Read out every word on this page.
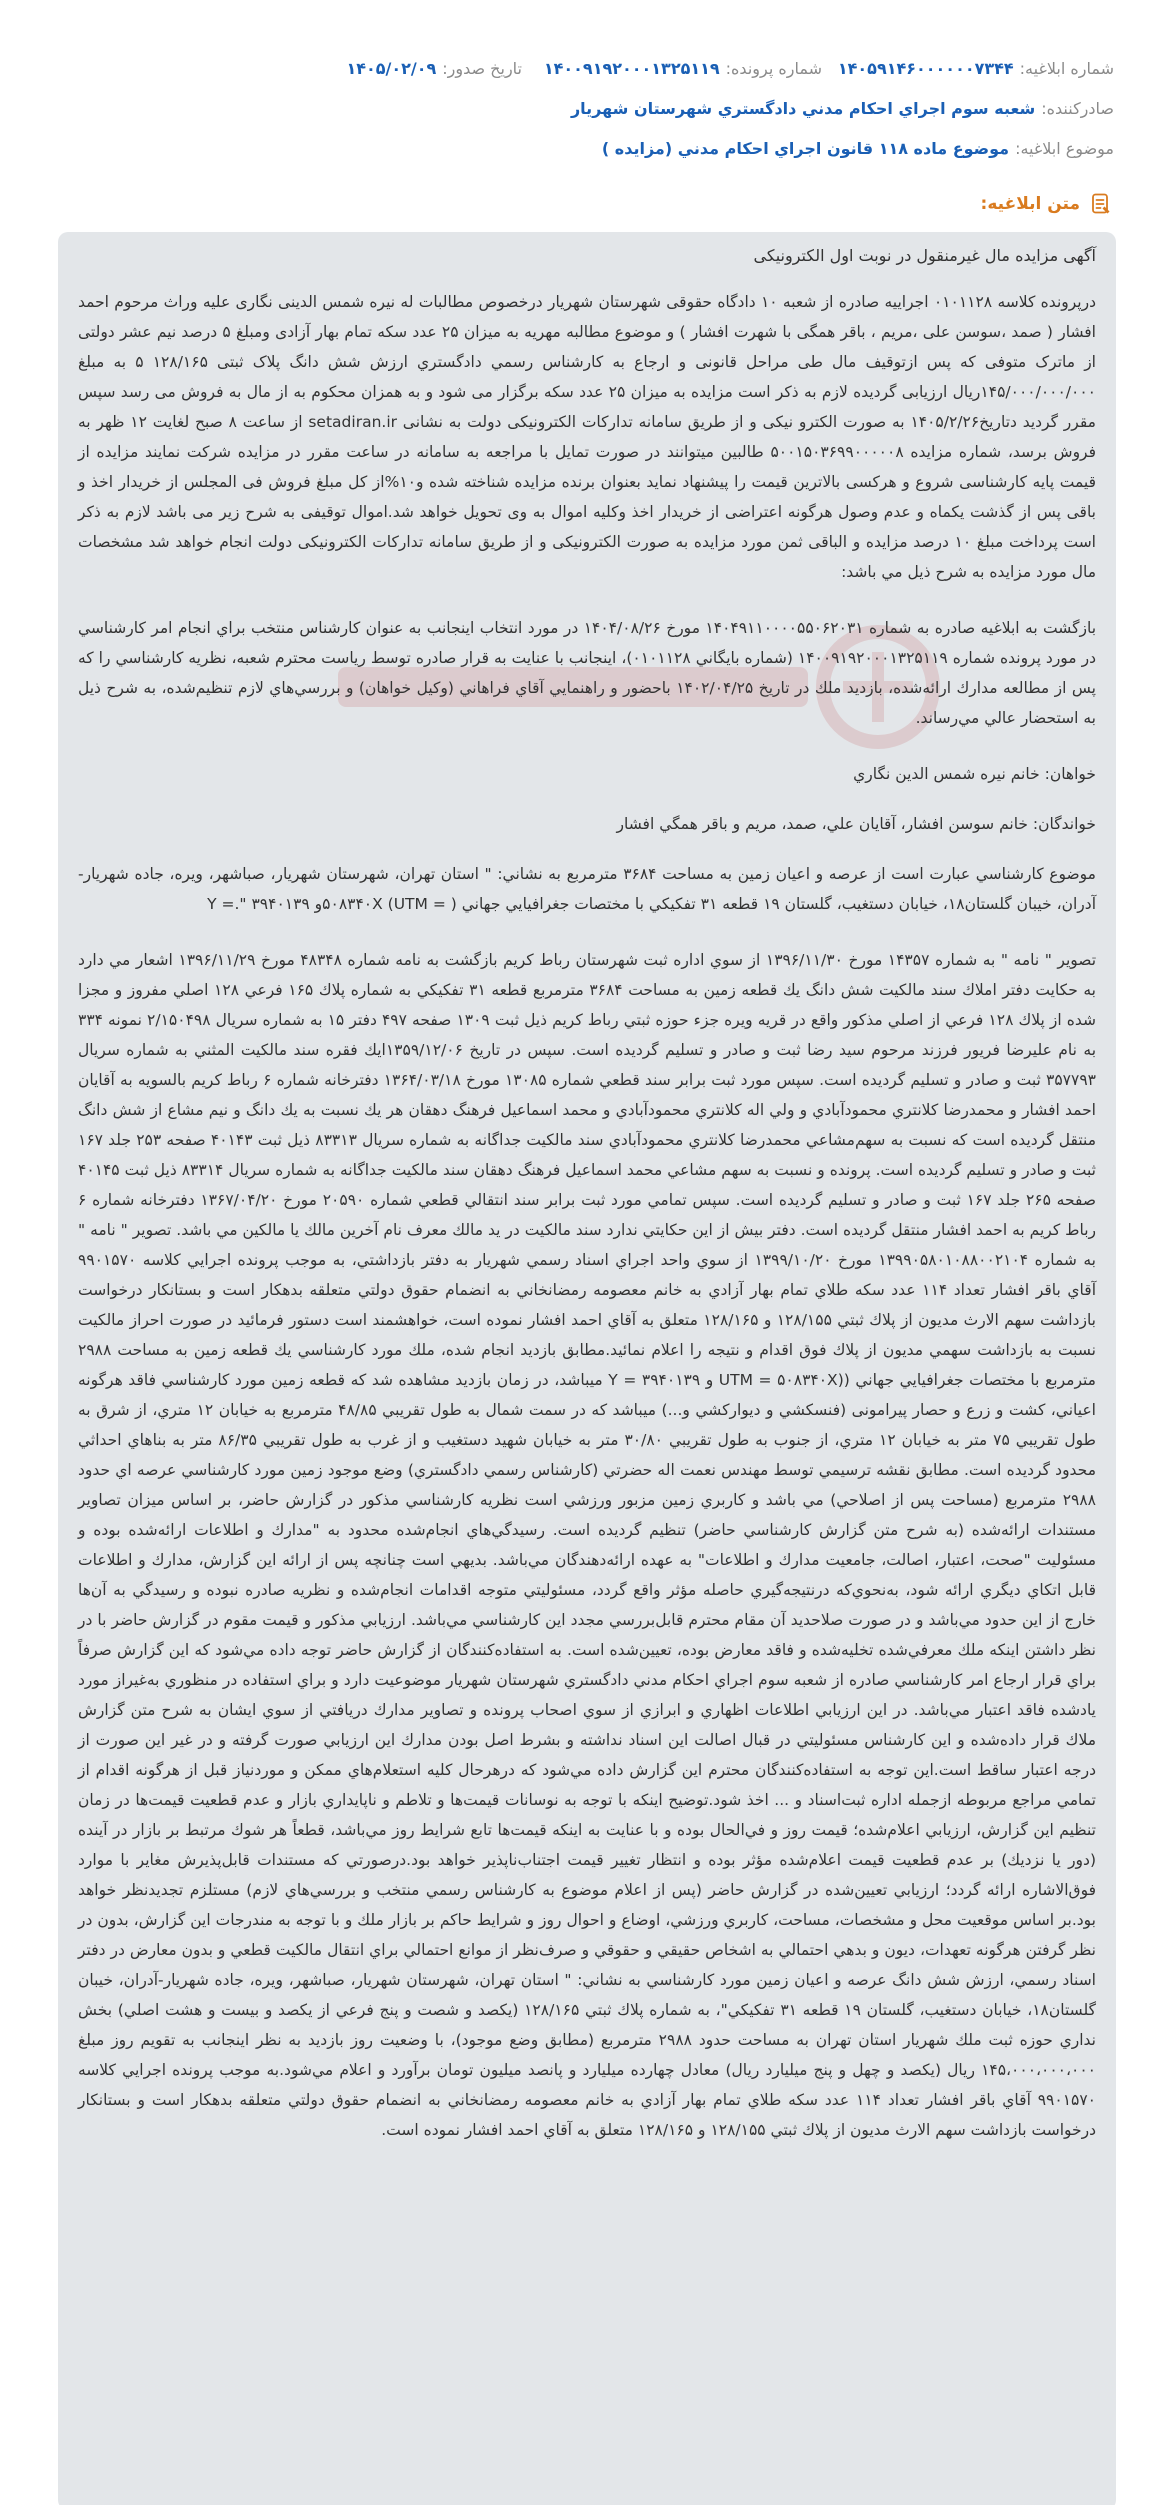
شماره ابلاغيه:
۱۴۰۵۹۱۴۶۰۰۰۰۰۰۷۳۴۴
شماره پرونده:
۱۴۰۰۹۱۹۲۰۰۰۱۳۲۵۱۱۹
تاريخ صدور:
۱۴۰۵/۰۲/۰۹
صادرکننده:
شعبه سوم اجراي احکام مدني دادگستري شهرستان شهريار
موضوع ابلاغيه:
موضوع ماده ۱۱۸ قانون اجراي احکام مدني (مزايده )
متن ابلاغيه:

آگهی مزایده مال غیرمنقول در نوبت اول الکترونیکی

درپرونده کلاسه ۰۱۰۱۱۲۸ اجراییه صادره از شعبه ۱۰ دادگاه حقوقی شهرستان شهریار درخصوص مطالبات له نیره شمس الدینی نگاری علیه وراث مرحوم احمد افشار ( صمد ،سوسن علی ،مریم ، باقر همگی با شهرت افشار ) و موضوع مطالبه مهریه به میزان ۲۵ عدد سکه تمام بهار آزادی ومبلغ ۵ درصد نیم عشر دولتی از ماترک متوفی که پس ازتوقیف مال طی مراحل قانونی و ارجاع به کارشناس رسمي دادگستري ارزش شش دانگ پلاک ثبتی ۱۲۸/۱۶۵ ۵ به مبلغ ۱۴۵/۰۰۰/۰۰۰/۰۰۰ریال ارزیابی گردیده لازم به ذکر است مزایده به میزان ۲۵ عدد سکه برگزار می شود و به همزان محکوم به از مال به فروش می رسد سپس مقرر گردید دتاریخ۱۴۰۵/۲/۲۶ به صورت الکترو نیکی و از طریق سامانه تدارکات الکترونیکی دولت به نشانی setadiran.ir از ساعت ۸ صبح لغایت ۱۲ ظهر به فروش برسد، شماره مزایده ۵۰۰۱۵۰۳۶۹۹۰۰۰۰۰۸ طالبین میتوانند در صورت تمایل با مراجعه به سامانه در ساعت مقرر در مزایده شرکت نمایند مزایده از قیمت پایه کارشناسی شروع و هرکسی بالاترین قیمت را پیشنهاد نماید بعنوان برنده مزایده شناخته شده و۱۰%از کل مبلغ فروش فی المجلس از خریدار اخذ و باقی پس از گذشت یکماه و عدم وصول هرگونه اعتراضی از خریدار اخذ وکلیه اموال به وی تحویل خواهد شد.اموال توقیفی به شرح زیر می باشد لازم به ذکر است پرداخت مبلغ ۱۰ درصد مزایده و الباقی ثمن مورد مزایده به صورت الکترونیکی و از طریق سامانه تدارکات الکترونیکی دولت انجام خواهد شد مشخصات مال مورد مزايده به شرح ذيل مي باشد:

بازگشت به ابلاغيه صادره به شماره ۱۴۰۴۹۱۱۰۰۰۰۵۵۰۶۲۰۳۱ مورخ ۱۴۰۴/۰۸/۲۶ در مورد انتخاب اينجانب به عنوان كارشناس منتخب براي انجام امر كارشناسي در مورد پرونده شماره ۱۴۰۰۹۱۹۲۰۰۰۱۳۲۵۱۱۹ (شماره بايگاني ۰۱۰۱۱۲۸)، اينجانب با عنايت به قرار صادره توسط رياست محترم شعبه، نظريه كارشناسي را كه پس از مطالعه مدارك ارائه‌شده، بازديد ملك در تاريخ ۱۴۰۲/۰۴/۲۵ باحضور و راهنمايي آقاي فراهاني (وكيل خواهان) و بررسي‌هاي لازم تنظيم‌شده، به شرح ذيل به استحضار عالي مي‌رساند.

خواهان: خانم نيره شمس الدين نگاري

خواندگان: خانم سوسن افشار، آقايان علي، صمد، مريم و باقر همگي افشار

موضوع كارشناسي عبارت است از عرصه و اعيان زمين به مساحت ۳۶۸۴ مترمربع به نشاني: " استان تهران، شهرستان شهريار، صباشهر، ويره، جاده شهريار-آدران، خيبان گلستان۱۸، خيابان دستغيب، گلستان ۱۹ قطعه ۳۱ تفكيكي با مختصات جغرافيايي جهاني ( = ۵۰۸۳۴۰X (UTMو ۳۹۴۰۱۳۹ ".= Y

تصوير " نامه " به شماره ۱۴۳۵۷ مورخ ۱۳۹۶/۱۱/۳۰ از سوي اداره ثبت شهرستان رباط كريم بازگشت به نامه شماره ۴۸۳۴۸ مورخ ۱۳۹۶/۱۱/۲۹ اشعار مي دارد به حكايت دفتر املاك سند مالكيت شش دانگ يك قطعه زمين به مساحت ۳۶۸۴ مترمربع قطعه ۳۱ تفكيكي به شماره پلاك ۱۶۵ فرعي ۱۲۸ اصلي مفروز و مجزا شده از پلاك ۱۲۸ فرعي از اصلي مذكور واقع در قريه ويره جزء حوزه ثبتي رباط كريم ذيل ثبت ۱۳۰۹ صفحه ۴۹۷ دفتر ۱۵ به شماره سريال ۲/۱۵۰۴۹۸ نمونه ۳۳۴ به نام عليرضا فريور فرزند مرحوم سيد رضا ثبت و صادر و تسليم گرديده است. سپس در تاريخ ۱۳۵۹/۱۲/۰۶ايك فقره سند مالكيت المثني به شماره سريال ۳۵۷۷۹۳ ثبت و صادر و تسليم گرديده است. سپس مورد ثبت برابر سند قطعي شماره ۱۳۰۸۵ مورخ ۱۳۶۴/۰۳/۱۸ دفترخانه شماره ۶ رباط كريم بالسويه به آقايان احمد افشار و محمدرضا كلانتري محمودآبادي و ولي اله كلانتري محمودآبادي و محمد اسماعيل فرهنگ دهقان هر يك نسبت به يك دانگ و نيم مشاع از شش دانگ منتقل گرديده است كه نسبت به سهم‌مشاعي محمدرضا كلانتري محمودآبادي سند مالكيت جداگانه به شماره سريال ۸۳۳۱۳ ذيل ثبت ۴۰۱۴۳ صفحه ۲۵۳ جلد ۱۶۷ ثبت و صادر و تسليم گرديده است. پرونده و نسبت به سهم مشاعي محمد اسماعيل فرهنگ دهقان سند مالكيت جداگانه به شماره سريال ۸۳۳۱۴ ذيل ثبت ۴۰۱۴۵ صفحه ۲۶۵ جلد ۱۶۷ ثبت و صادر و تسليم گرديده است. سپس تمامي مورد ثبت برابر سند انتقالي قطعي شماره ۲۰۵۹۰ مورخ ۱۳۶۷/۰۴/۲۰ دفترخانه شماره ۶ رباط كريم به احمد افشار منتقل گرديده است. دفتر بيش از اين حكايتي ندارد سند مالكيت در يد مالك معرف نام آخرين مالك يا مالكين مي باشد. تصوير " نامه " به شماره ۱۳۹۹۰۵۸۰۱۰۸۸۰۰۲۱۰۴ مورخ ۱۳۹۹/۱۰/۲۰ از سوي واحد اجراي اسناد رسمي شهريار به دفتر بازداشتي، به موجب پرونده اجرايي كلاسه ۹۹۰۱۵۷۰ آقاي باقر افشار تعداد ۱۱۴ عدد سكه طلاي تمام بهار آزادي به خانم معصومه رمضانخاني به انضمام حقوق دولتي متعلقه بدهكار است و بستانكار درخواست بازداشت سهم الارث مدیون از پلاك ثبتي ۱۲۸/۱۵۵ و ۱۲۸/۱۶۵ متعلق به آقاي احمد افشار نموده است، خواهشمند است دستور فرمائيد در صورت احراز مالكيت نسبت به بازداشت سهمي مديون از پلاك فوق اقدام و نتيجه را اعلام نمائيد.مطابق بازديد انجام شده، ملك مورد كارشناسي يك قطعه زمين به مساحت ۲۹۸۸ مترمربع با مختصات جغرافيايي جهاني ((UTM = ۵۰۸۳۴۰X و ۳۹۴۰۱۳۹ = Y ميباشد، در زمان بازديد مشاهده شد كه قطعه زمين مورد كارشناسي فاقد هرگونه اعياني، كشت و زرع و حصار پيرامونی (فنسكشي و ديواركشي و...) ميباشد كه در سمت شمال به طول تقريبي ۴۸/۸۵ مترمربع به خيابان ۱۲ متري، از شرق به طول تقريبي ۷۵ متر به خيابان ۱۲ متري، از جنوب به طول تقريبي ۳۰/۸۰ متر به خيابان شهيد دستغيب و از غرب به طول تقريبي ۸۶/۳۵ متر به بناهاي احداثي محدود گرديده است. مطابق نقشه ترسيمي توسط مهندس نعمت اله حضرتي (كارشناس رسمي دادگستري) وضع موجود زمين مورد كارشناسي عرصه اي حدود ۲۹۸۸ مترمربع (مساحت پس از اصلاحي) مي باشد و كاربري زمين مزبور ورزشي است نظريه كارشناسي مذكور در گزارش حاضر، بر اساس ميزان تصاوير مستندات ارائه‌شده (به شرح متن گزارش كارشناسي حاضر) تنظيم گرديده است. رسيدگي‌هاي انجام‌شده محدود به "مدارك و اطلاعات ارائه‌شده بوده و مسئوليت "صحت، اعتبار، اصالت، جامعيت مدارك و اطلاعات" به عهده ارائه‌دهندگان مي‌باشد. بديهي است چنانچه پس از ارائه اين گزارش، مدارك و اطلاعات قابل اتكاي ديگري ارائه شود، به‌نحوي‌كه درنتيجه‌گيري حاصله مؤثر واقع گردد، مسئوليتي متوجه اقدامات انجام‌شده و نظريه صادره نبوده و رسيدگي به آن‌ها خارج از اين حدود مي‌باشد و در صورت صلاحديد آن مقام محترم قابل‌بررسي مجدد اين كارشناسي مي‌باشد. ارزيابي مذكور و قيمت مقوم در گزارش حاضر با در نظر داشتن اينكه ملك معرفي‌شده تخليه‌شده و فاقد معارض بوده، تعيين‌شده است. به استفاده‌كنندگان از گزارش حاضر توجه داده مي‌شود كه اين گزارش صرفاً براي قرار ارجاع امر كارشناسي صادره از شعبه سوم اجراي احكام مدني دادگستري شهرستان شهريار موضوعيت دارد و براي استفاده در منظوري به‌غيراز مورد يادشده فاقد اعتبار مي‌باشد. در اين ارزيابي اطلاعات اظهاري و ابرازي از سوي اصحاب پرونده و تصاوير مدارك دريافتي از سوي ايشان به شرح متن گزارش ملاك قرار داده‌شده و اين كارشناس مسئوليتي در قبال اصالت اين اسناد نداشته و بشرط اصل بودن مدارك اين ارزيابي صورت گرفته و در غير اين صورت از درجه اعتبار ساقط است.اين توجه به استفاده‌كنندگان محترم اين گزارش داده مي‌شود كه درهرحال كليه استعلام‌هاي ممكن و موردنياز قبل از هرگونه اقدام از تمامي مراجع مربوطه ازجمله اداره ثبت‌اسناد و ... اخذ شود.توضيح اينكه با توجه به نوسانات قيمت‌ها و تلاطم و ناپايداري بازار و عدم قطعيت قيمت‌ها در زمان تنظيم اين گزارش، ارزيابي اعلام‌شده؛ قيمت روز و في‌الحال بوده و با عنايت به اينكه قيمت‌ها تابع شرايط روز مي‌باشد، قطعاً هر شوك مرتبط بر بازار در آينده (دور يا نزديك) بر عدم قطعيت قيمت اعلام‌شده مؤثر بوده و انتظار تغيير قيمت اجتناب‌ناپذير خواهد بود.درصورتي كه مستندات قابل‌پذيرش مغاير با موارد فوق‌الاشاره ارائه گردد؛ ارزيابي تعيين‌شده در گزارش حاضر (پس از اعلام موضوع به كارشناس رسمي منتخب و بررسي‌هاي لازم) مستلزم تجديدنظر خواهد بود.بر اساس موقعيت محل و مشخصات، مساحت، كاربري ورزشي، اوضاع و احوال روز و شرايط حاكم بر بازار ملك و با توجه به مندرجات اين گزارش، بدون در نظر گرفتن هرگونه تعهدات، ديون و بدهي احتمالي به اشخاص حقيقي و حقوقي و صرف‌نظر از موانع احتمالي براي انتقال مالكيت قطعي و بدون معارض در دفتر اسناد رسمي، ارزش شش دانگ عرصه و اعيان زمين مورد كارشناسي به نشاني: " استان تهران، شهرستان شهريار، صباشهر، ويره، جاده شهريار-آدران، خيبان گلستان۱۸، خيابان دستغيب، گلستان ۱۹ قطعه ۳۱ تفكيكي"، به شماره پلاك ثبتي ۱۲۸/۱۶۵ (يكصد و شصت و پنج فرعي از يكصد و بيست و هشت اصلي) بخش نداري حوزه ثبت ملك شهريار استان تهران به مساحت حدود ۲۹۸۸ مترمربع (مطابق وضع موجود)، با وضعيت روز بازديد به نظر اينجانب به تقويم روز مبلغ ۱۴۵،۰۰۰،۰۰۰،۰۰۰ ريال (يكصد و چهل و پنج ميليارد ريال) معادل چهارده ميليارد و پانصد ميليون تومان برآورد و اعلام مي‌شود.به موجب پرونده اجرايي كلاسه ۹۹۰۱۵۷۰ آقاي باقر افشار تعداد ۱۱۴ عدد سكه طلاي تمام بهار آزادي به خانم معصومه رمضانخاني به انضمام حقوق دولتي متعلقه بدهكار است و بستانكار درخواست بازداشت سهم الارث مديون از پلاك ثبتي ۱۲۸/۱۵۵ و ۱۲۸/۱۶۵ متعلق به آقاي احمد افشار نموده است.
